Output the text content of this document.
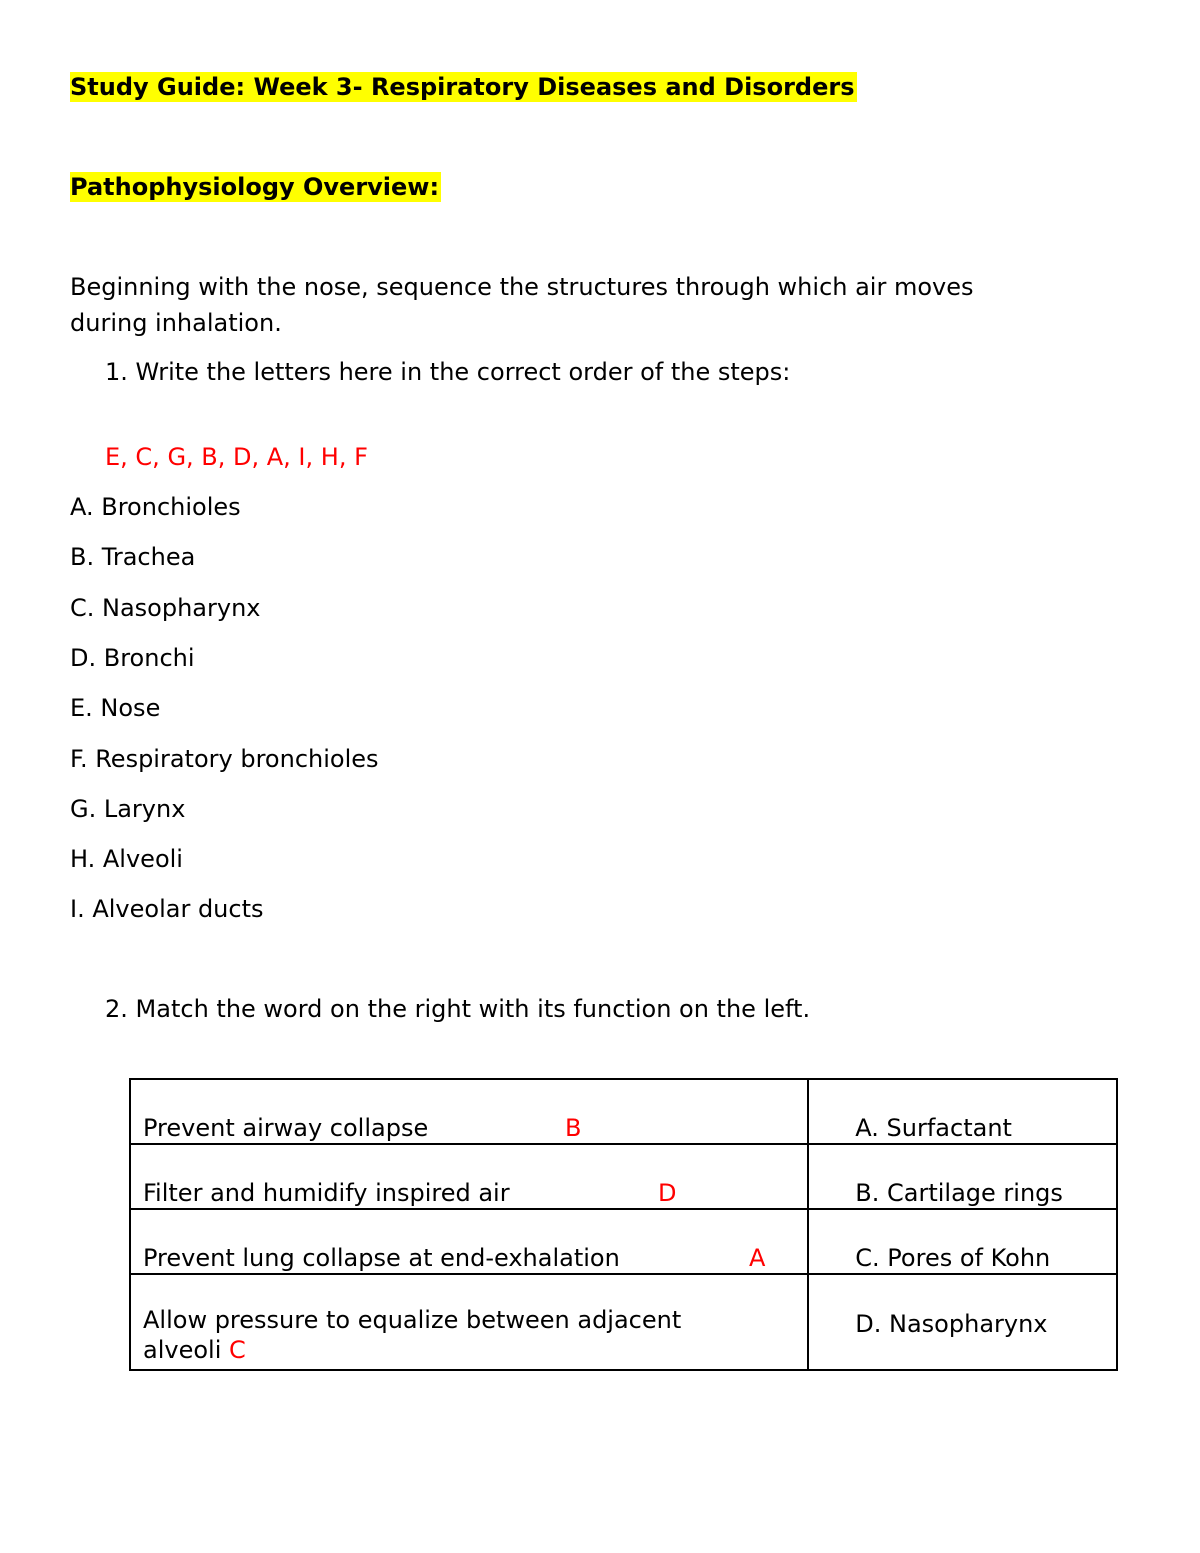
Study Guide: Week 3- Respiratory Diseases and Disorders
Pathophysiology Overview:
Beginning with the nose, sequence the structures through which air moves
during inhalation.
1. Write the letters here in the correct order of the steps:
E, C, G, B, D, A, I, H, F
A. Bronchioles
B. Trachea
C. Nasopharynx
D. Bronchi
E. Nose
F. Respiratory bronchioles
G. Larynx
H. Alveoli
I. Alveolar ducts
2. Match the word on the right with its function on the left.
Prevent airway collapse B	A. Surfactant

Filter and humidify inspired air D	B. Cartilage rings

Prevent lung collapse at end-exhalation A	C. Pores of Kohn

Allow pressure to equalize between adjacent
alveoli C	D. Nasopharynx
